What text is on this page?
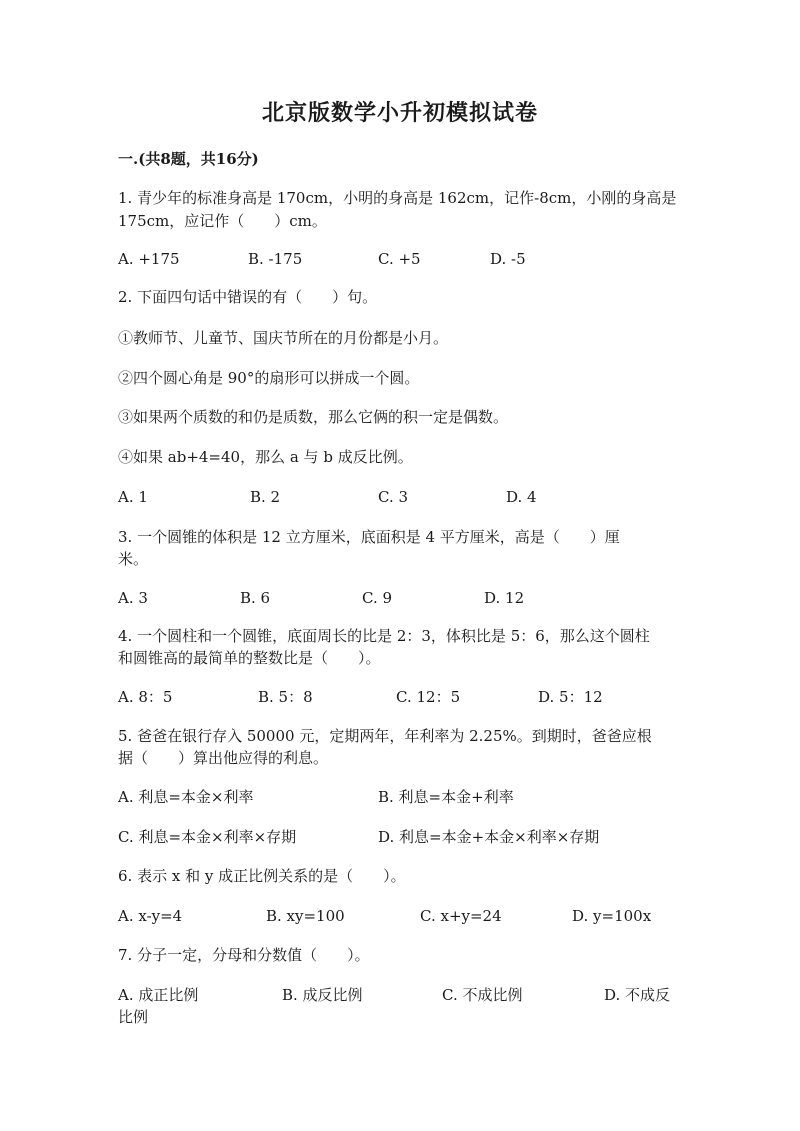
北京版数学小升初模拟试卷
一.(共8题，共16分)
1. 青少年的标准身高是 170cm，小明的身高是 162cm，记作-8cm，小刚的身高是
175cm，应记作（　　）cm。
A. +175	B. -175	C. +5	D. -5
2. 下面四句话中错误的有（　　）句。
①教师节、儿童节、国庆节所在的月份都是小月。
②四个圆心角是 90°的扇形可以拼成一个圆。
③如果两个质数的和仍是质数，那么它俩的积一定是偶数。
④如果 ab+4=40，那么 a 与 b 成反比例。
A. 1	B. 2	C. 3	D. 4
3. 一个圆锥的体积是 12 立方厘米，底面积是 4 平方厘米，高是（　　）厘
米。
A. 3	B. 6	C. 9	D. 12
4. 一个圆柱和一个圆锥，底面周长的比是 2：3，体积比是 5：6，那么这个圆柱
和圆锥高的最简单的整数比是（　　）。
A. 8：5	B. 5：8	C. 12：5	D. 5：12
5. 爸爸在银行存入 50000 元，定期两年，年利率为 2.25%。到期时，爸爸应根
据（　　）算出他应得的利息。
A. 利息=本金×利率	B. 利息=本金+利率
C. 利息=本金×利率×存期	D. 利息=本金+本金×利率×存期
6. 表示 x 和 y 成正比例关系的是（　　）。
A. x-y=4	B. xy=100	C. x+y=24	D. y=100x
7. 分子一定，分母和分数值（　　）。
A. 成正比例	B. 成反比例	C. 不成比例	D. 不成反
比例
